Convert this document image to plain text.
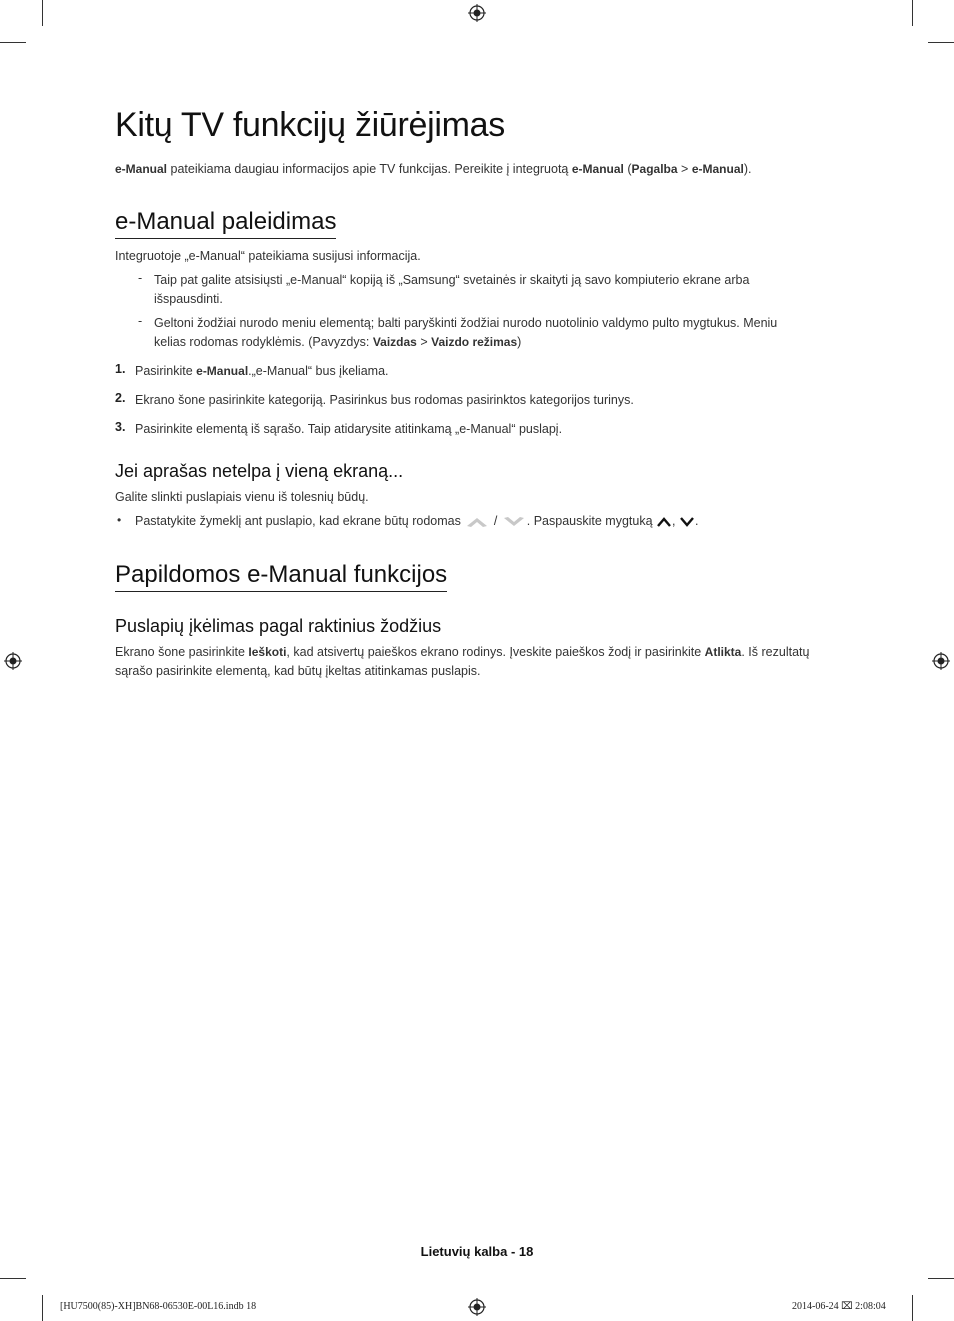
Kitų TV funkcijų žiūrėjimas

e-Manual pateikiama daugiau informacijos apie TV funkcijas. Pereikite į integruotą e-Manual (Pagalba > e-Manual).

e-Manual paleidimas

Integruotoje „e-Manual“ pateikiama susijusi informacija.

- Taip pat galite atsisiųsti „e-Manual“ kopiją iš „Samsung“ svetainės ir skaityti ją savo kompiuterio ekrane arba
išspausdinti.

- Geltoni žodžiai nurodo meniu elementą; balti paryškinti žodžiai nurodo nuotolinio valdymo pulto mygtukus. Meniu
kelias rodomas rodyklėmis. (Pavyzdys: Vaizdas > Vaizdo režimas)

1. Pasirinkite e-Manual.„e-Manual“ bus įkeliama.

2. Ekrano šone pasirinkite kategoriją. Pasirinkus bus rodomas pasirinktos kategorijos turinys.

3. Pasirinkite elementą iš sąrašo. Taip atidarysite atitinkamą „e-Manual“ puslapį.

Jei aprašas netelpa į vieną ekraną...

Galite slinkti puslapiais vienu iš tolesnių būdų.

• Pastatykite žymeklį ant puslapio, kad ekrane būtų rodomas  / . Paspauskite mygtuką , .

Papildomos e-Manual funkcijos
Puslapių įkėlimas pagal raktinius žodžius

Ekrano šone pasirinkite Ieškoti, kad atsivertų paieškos ekrano rodinys. Įveskite paieškos žodį ir pasirinkite Atlikta. Iš rezultatų
sąrašo pasirinkite elementą, kad būtų įkeltas atitinkamas puslapis.

Lietuvių kalba - 18
[HU7500(85)-XH]BN68-06530E-00L16.indb 18	2014-06-24 ⌧ 2:08:04
